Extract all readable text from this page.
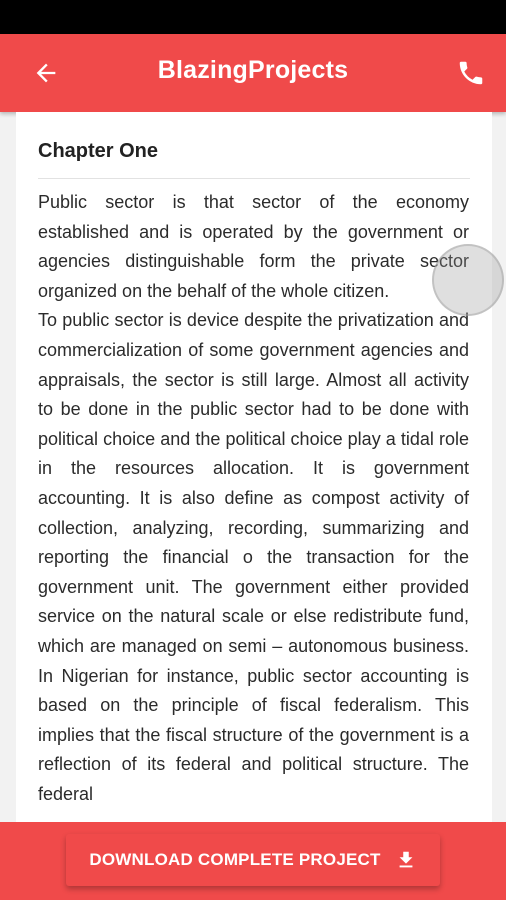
BlazingProjects
Chapter One

Public sector is that sector of the economy established and is operated by the government or agencies distinguishable form the private sector organized on the behalf of the whole citizen.

To public sector is device despite the privatization and commercialization of some government agencies and appraisals, the sector is still large. Almost all activity to be done in the public sector had to be done with political choice and the political choice play a tidal role in the resources allocation. It is government accounting. It is also define as compost activity of collection, analyzing, recording, summarizing and reporting the financial o the transaction for the government unit. The government either provided service on the natural scale or else redistribute fund, which are managed on semi – autonomous business. In Nigerian for instance, public sector accounting is based on the principle of fiscal federalism. This implies that the fiscal structure of the government is a reflection of its federal and political structure. The federal

DOWNLOAD COMPLETE PROJECT
